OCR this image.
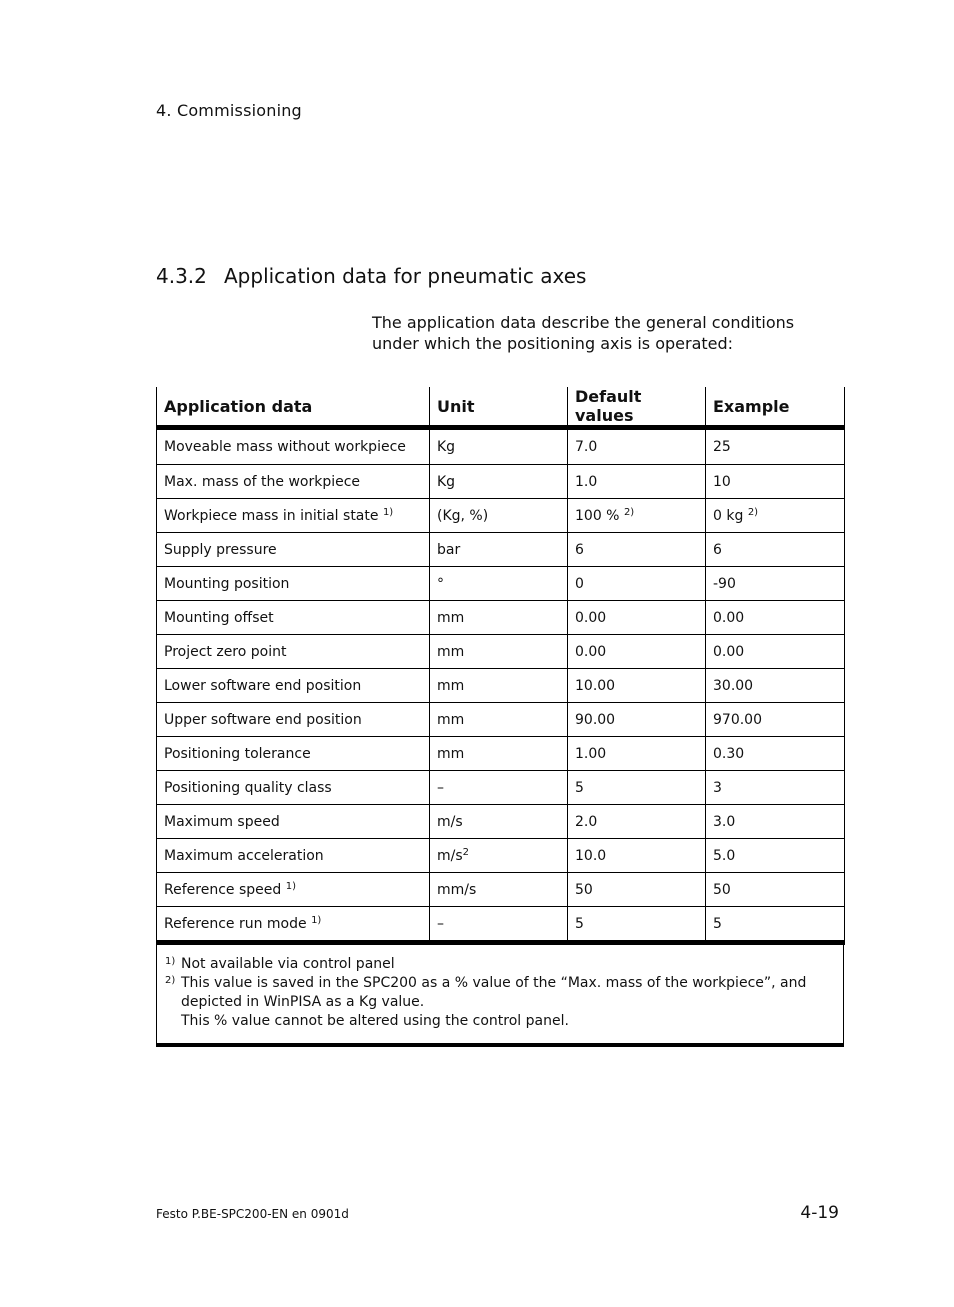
4. Commissioning
4.3.2 Application data for pneumatic axes

The application data describe the general conditions under which the positioning axis is operated:

Application data	Unit	Default values	Example
Moveable mass without workpiece	Kg	7.0	25
Max. mass of the workpiece	Kg	1.0	10
Workpiece mass in initial state $^{1)}$	(Kg, %)	100 % $^{2)}$	0 kg $^{2)}$
Supply pressure	bar	6	6
Mounting position	°	0	-90
Mounting offset	mm	0.00	0.00
Project zero point	mm	0.00	0.00
Lower software end position	mm	10.00	30.00
Upper software end position	mm	90.00	970.00
Positioning tolerance	mm	1.00	0.30
Positioning quality class	–	5	3
Maximum speed	m/s	2.0	3.0
Maximum acceleration	$m/s^2$	10.0	5.0
Reference speed $^{1)}$	mm/s	50	50
Reference run mode $^{1)}$	–	5	5
1) Not available via control panel
2) This value is saved in the SPC200 as a % value of the “Max. mass of the workpiece”, and depicted in WinPISA as a Kg value.
This % value cannot be altered using the control panel.
Festo P.BE-SPC200-EN en 0901d	4-19
